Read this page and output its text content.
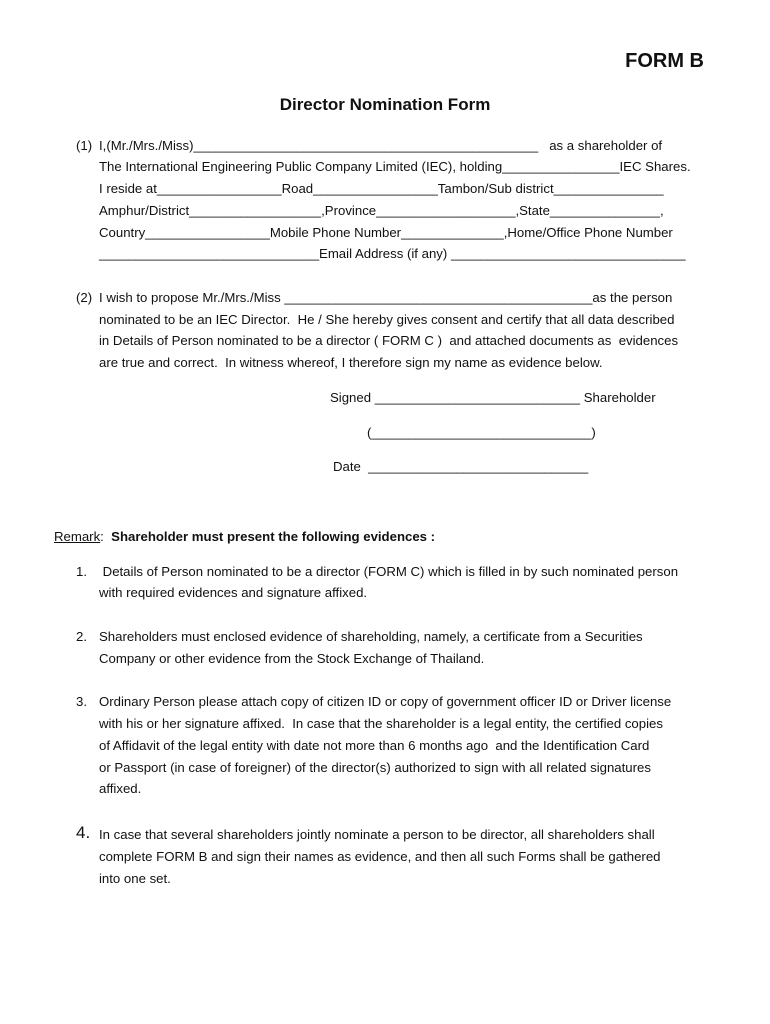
FORM B
Director Nomination Form
(1) I,(Mr./Mrs./Miss)_______________________________________________   as a shareholder of
The International Engineering Public Company Limited (IEC), holding________________IEC Shares.
I reside at_________________Road_________________Tambon/Sub district_______________
Amphur/District__________________,Province___________________,State_______________,
Country_________________Mobile Phone Number______________,Home/Office Phone Number
______________________________Email Address (if any) ________________________________
(2) I wish to propose Mr./Mrs./Miss __________________________________________as the person
nominated to be an IEC Director.  He / She hereby gives consent and certify that all data described
in Details of Person nominated to be a director ( FORM C )  and attached documents as  evidences
are true and correct.  In witness whereof, I therefore sign my name as evidence below.
Signed ____________________________ Shareholder
(______________________________)
Date  ______________________________
Remark:  Shareholder must present the following evidences :
1. Details of Person nominated to be a director (FORM C) which is filled in by such nominated person
with required evidences and signature affixed.
2. Shareholders must enclosed evidence of shareholding, namely, a certificate from a Securities
Company or other evidence from the Stock Exchange of Thailand.
3. Ordinary Person please attach copy of citizen ID or copy of government officer ID or Driver license
with his or her signature affixed.  In case that the shareholder is a legal entity, the certified copies
of Affidavit of the legal entity with date not more than 6 months ago  and the Identification Card
or Passport (in case of foreigner) of the director(s) authorized to sign with all related signatures
affixed.
4. In case that several shareholders jointly nominate a person to be director, all shareholders shall
complete FORM B and sign their names as evidence, and then all such Forms shall be gathered
into one set.
